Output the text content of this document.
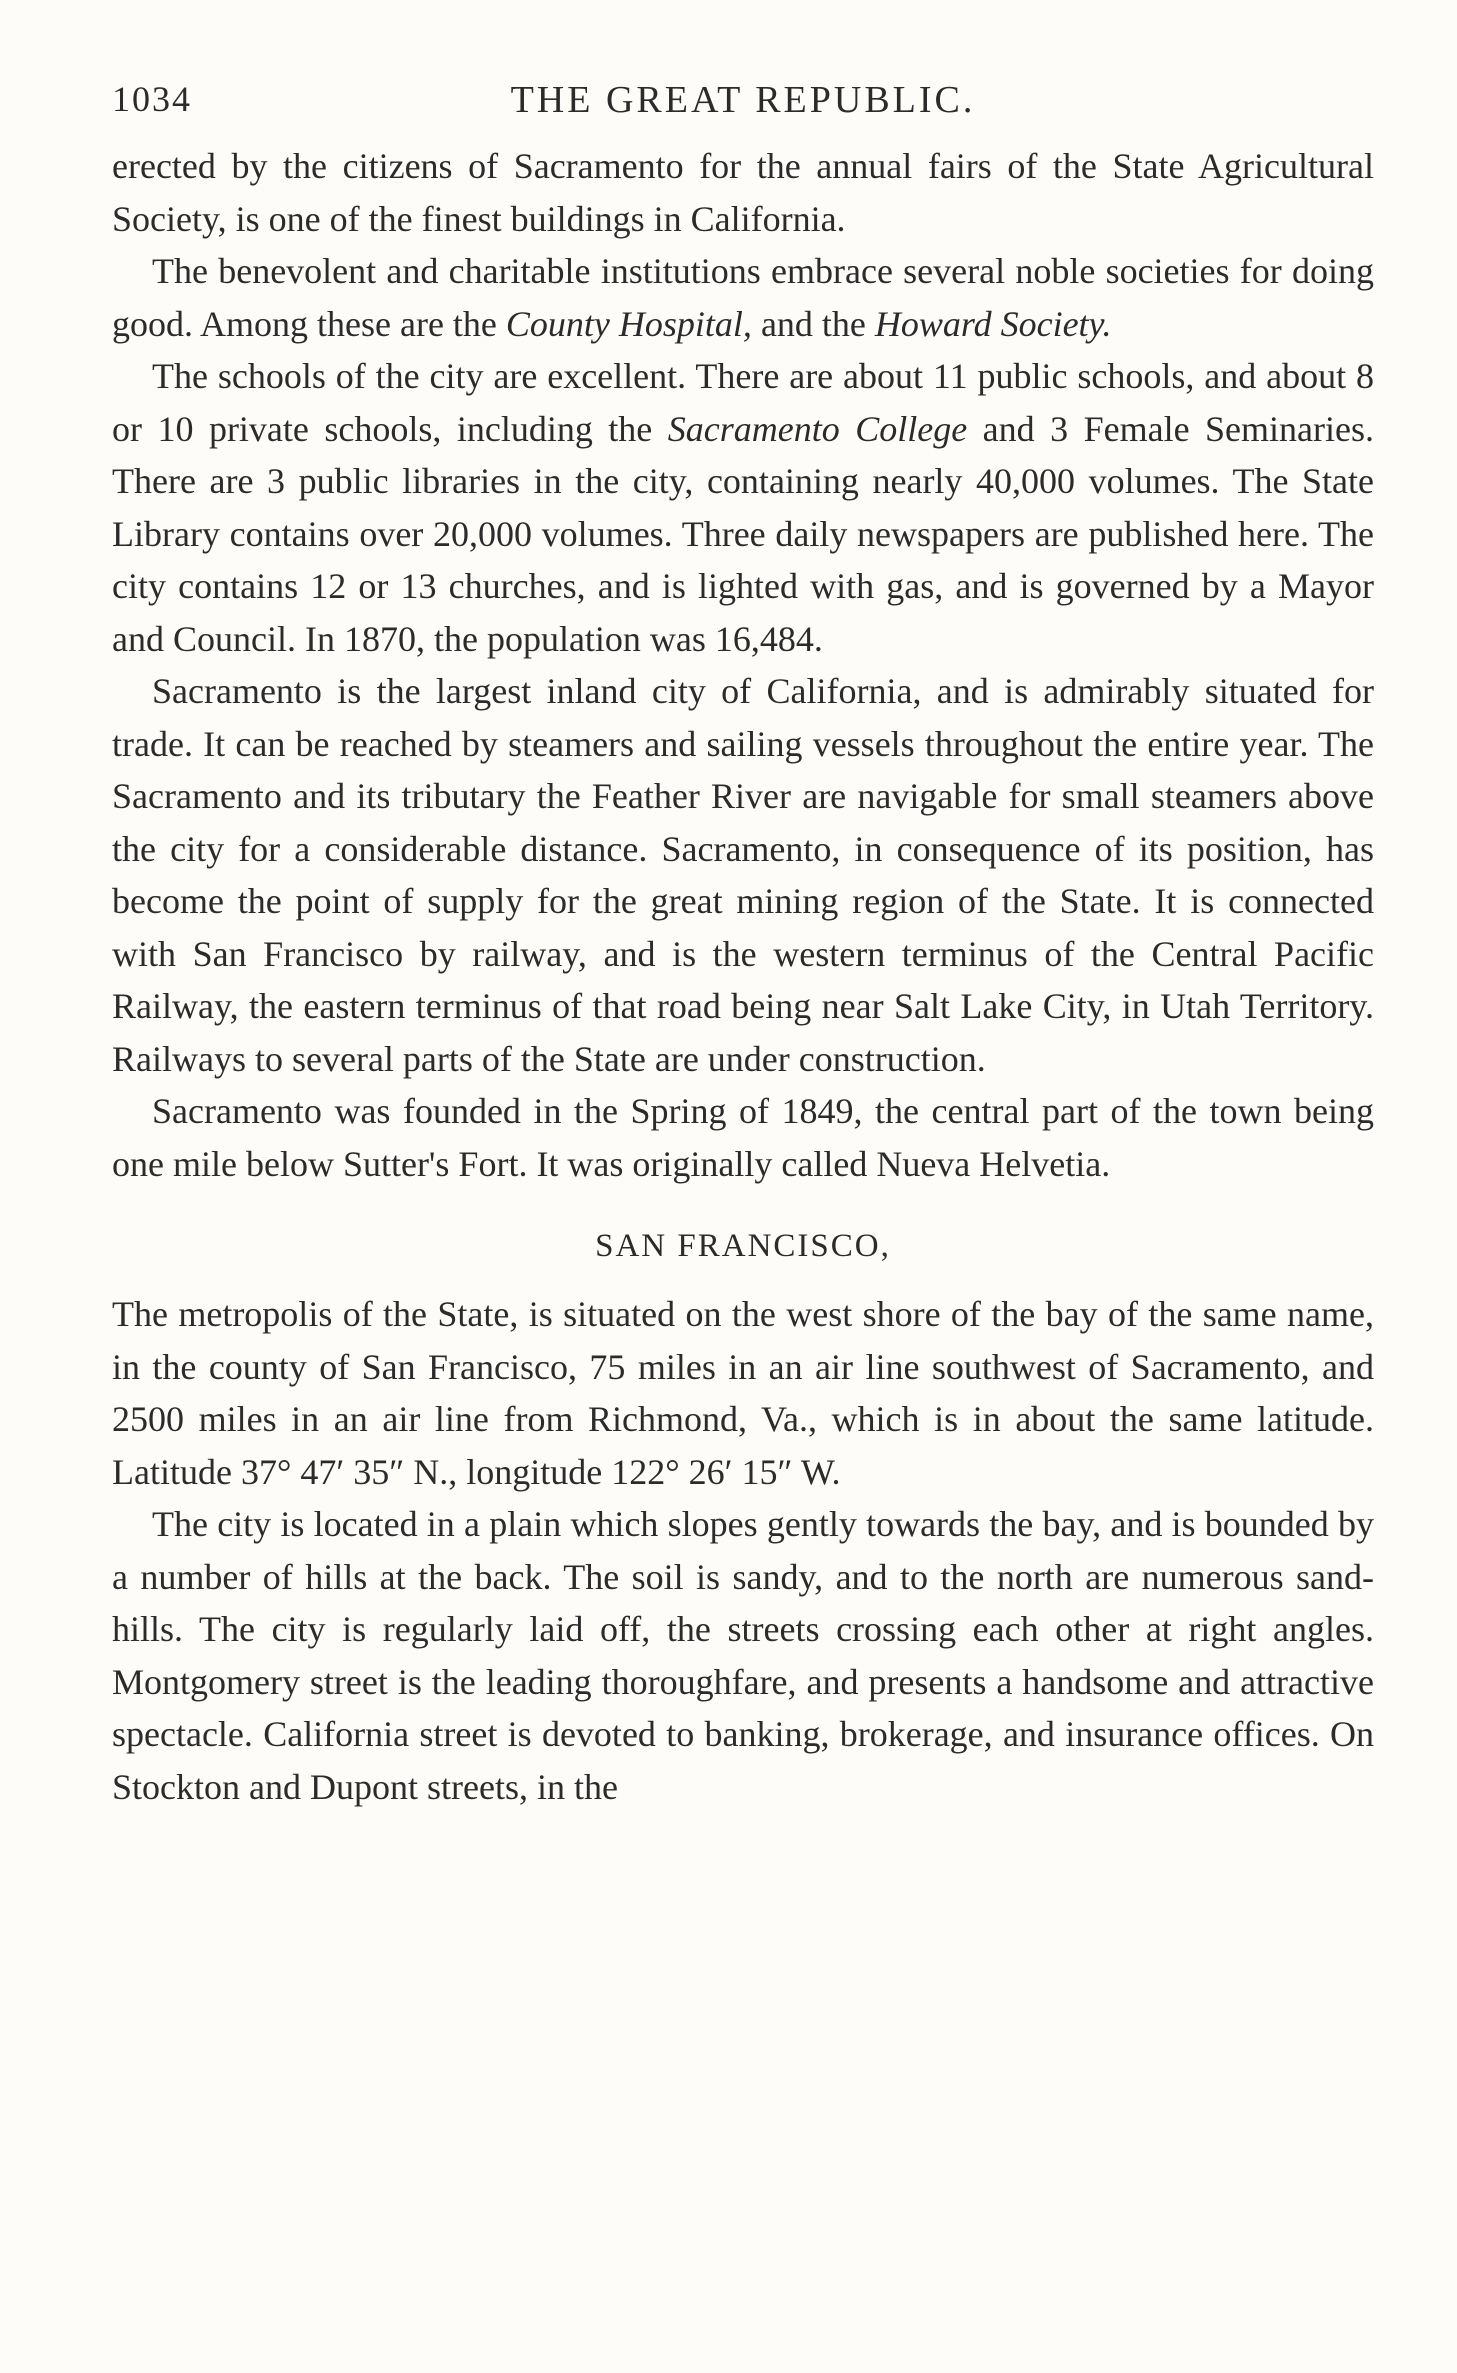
1034	THE GREAT REPUBLIC.

erected by the citizens of Sacramento for the annual fairs of the State Agricultural Society, is one of the finest buildings in California.

The benevolent and charitable institutions embrace several noble societies for doing good. Among these are the County Hospital, and the Howard Society.

The schools of the city are excellent. There are about 11 public schools, and about 8 or 10 private schools, including the Sacramento College and 3 Female Seminaries. There are 3 public libraries in the city, containing nearly 40,000 volumes. The State Library contains over 20,000 volumes. Three daily newspapers are published here. The city contains 12 or 13 churches, and is lighted with gas, and is governed by a Mayor and Council. In 1870, the population was 16,484.

Sacramento is the largest inland city of California, and is admirably situated for trade. It can be reached by steamers and sailing vessels throughout the entire year. The Sacramento and its tributary the Feather River are navigable for small steamers above the city for a considerable distance. Sacramento, in consequence of its position, has become the point of supply for the great mining region of the State. It is connected with San Francisco by railway, and is the western terminus of the Central Pacific Railway, the eastern terminus of that road being near Salt Lake City, in Utah Territory. Railways to several parts of the State are under construction.

Sacramento was founded in the Spring of 1849, the central part of the town being one mile below Sutter's Fort. It was originally called Nueva Helvetia.

SAN FRANCISCO,

The metropolis of the State, is situated on the west shore of the bay of the same name, in the county of San Francisco, 75 miles in an air line southwest of Sacramento, and 2500 miles in an air line from Richmond, Va., which is in about the same latitude. Latitude 37° 47′ 35″ N., longitude 122° 26′ 15″ W.

The city is located in a plain which slopes gently towards the bay, and is bounded by a number of hills at the back. The soil is sandy, and to the north are numerous sand-hills. The city is regularly laid off, the streets crossing each other at right angles. Montgomery street is the leading thoroughfare, and presents a handsome and attractive spectacle. California street is devoted to banking, brokerage, and insurance offices. On Stockton and Dupont streets, in the
